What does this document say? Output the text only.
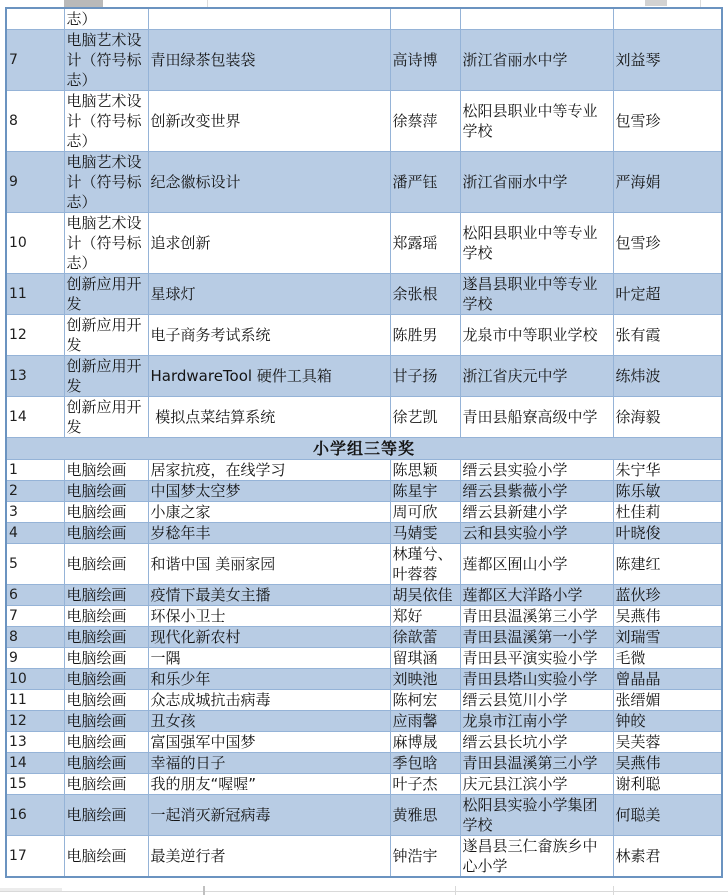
	志）				
7	电脑艺术设计（符号标志）	青田绿茶包装袋	高诗博	浙江省丽水中学	刘益琴
8	电脑艺术设计（符号标志）	创新改变世界	徐蔡萍	松阳县职业中等专业学校	包雪珍
9	电脑艺术设计（符号标志）	纪念徽标设计	潘严钰	浙江省丽水中学	严海娟
10	电脑艺术设计（符号标志）	追求创新	郑露瑶	松阳县职业中等专业学校	包雪珍
11	创新应用开发	星球灯	余张根	遂昌县职业中等专业学校	叶定超
12	创新应用开发	电子商务考试系统	陈胜男	龙泉市中等职业学校	张有霞
13	创新应用开发	HardwareTool 硬件工具箱	甘子扬	浙江省庆元中学	练炜波
14	创新应用开发	模拟点菜结算系统	徐艺凯	青田县船寮高级中学	徐海毅
小学组三等奖					
1	电脑绘画	居家抗疫，在线学习	陈思颖	缙云县实验小学	朱宁华
2	电脑绘画	中国梦太空梦	陈星宇	缙云县紫薇小学	陈乐敏
3	电脑绘画	小康之家	周可欣	缙云县新建小学	杜佳莉
4	电脑绘画	岁稔年丰	马婧雯	云和县实验小学	叶晓俊
5	电脑绘画	和谐中国 美丽家园	林瑾兮、叶蓉蓉	莲都区囿山小学	陈建红
6	电脑绘画	疫情下最美女主播	胡吴依佳	莲都区大洋路小学	蓝伙珍
7	电脑绘画	环保小卫士	郑好	青田县温溪第三小学	吴燕伟
8	电脑绘画	现代化新农村	徐歆蕾	青田县温溪第一小学	刘瑞雪
9	电脑绘画	一隅	留琪涵	青田县平演实验小学	毛微
10	电脑绘画	和乐少年	刘映池	青田县塔山实验小学	曾晶晶
11	电脑绘画	众志成城抗击病毒	陈柯宏	缙云县笕川小学	张缙媚
12	电脑绘画	丑女孩	应雨馨	龙泉市江南小学	钟皎
13	电脑绘画	富国强军中国梦	麻博晟	缙云县长坑小学	吴芙蓉
14	电脑绘画	幸福的日子	季包晗	青田县温溪第三小学	吴燕伟
15	电脑绘画	我的朋友“喔喔”	叶子杰	庆元县江滨小学	谢利聪
16	电脑绘画	一起消灭新冠病毒	黄雅思	松阳县实验小学集团学校	何聪美
17	电脑绘画	最美逆行者	钟浩宇	遂昌县三仁畲族乡中心小学	林素君
